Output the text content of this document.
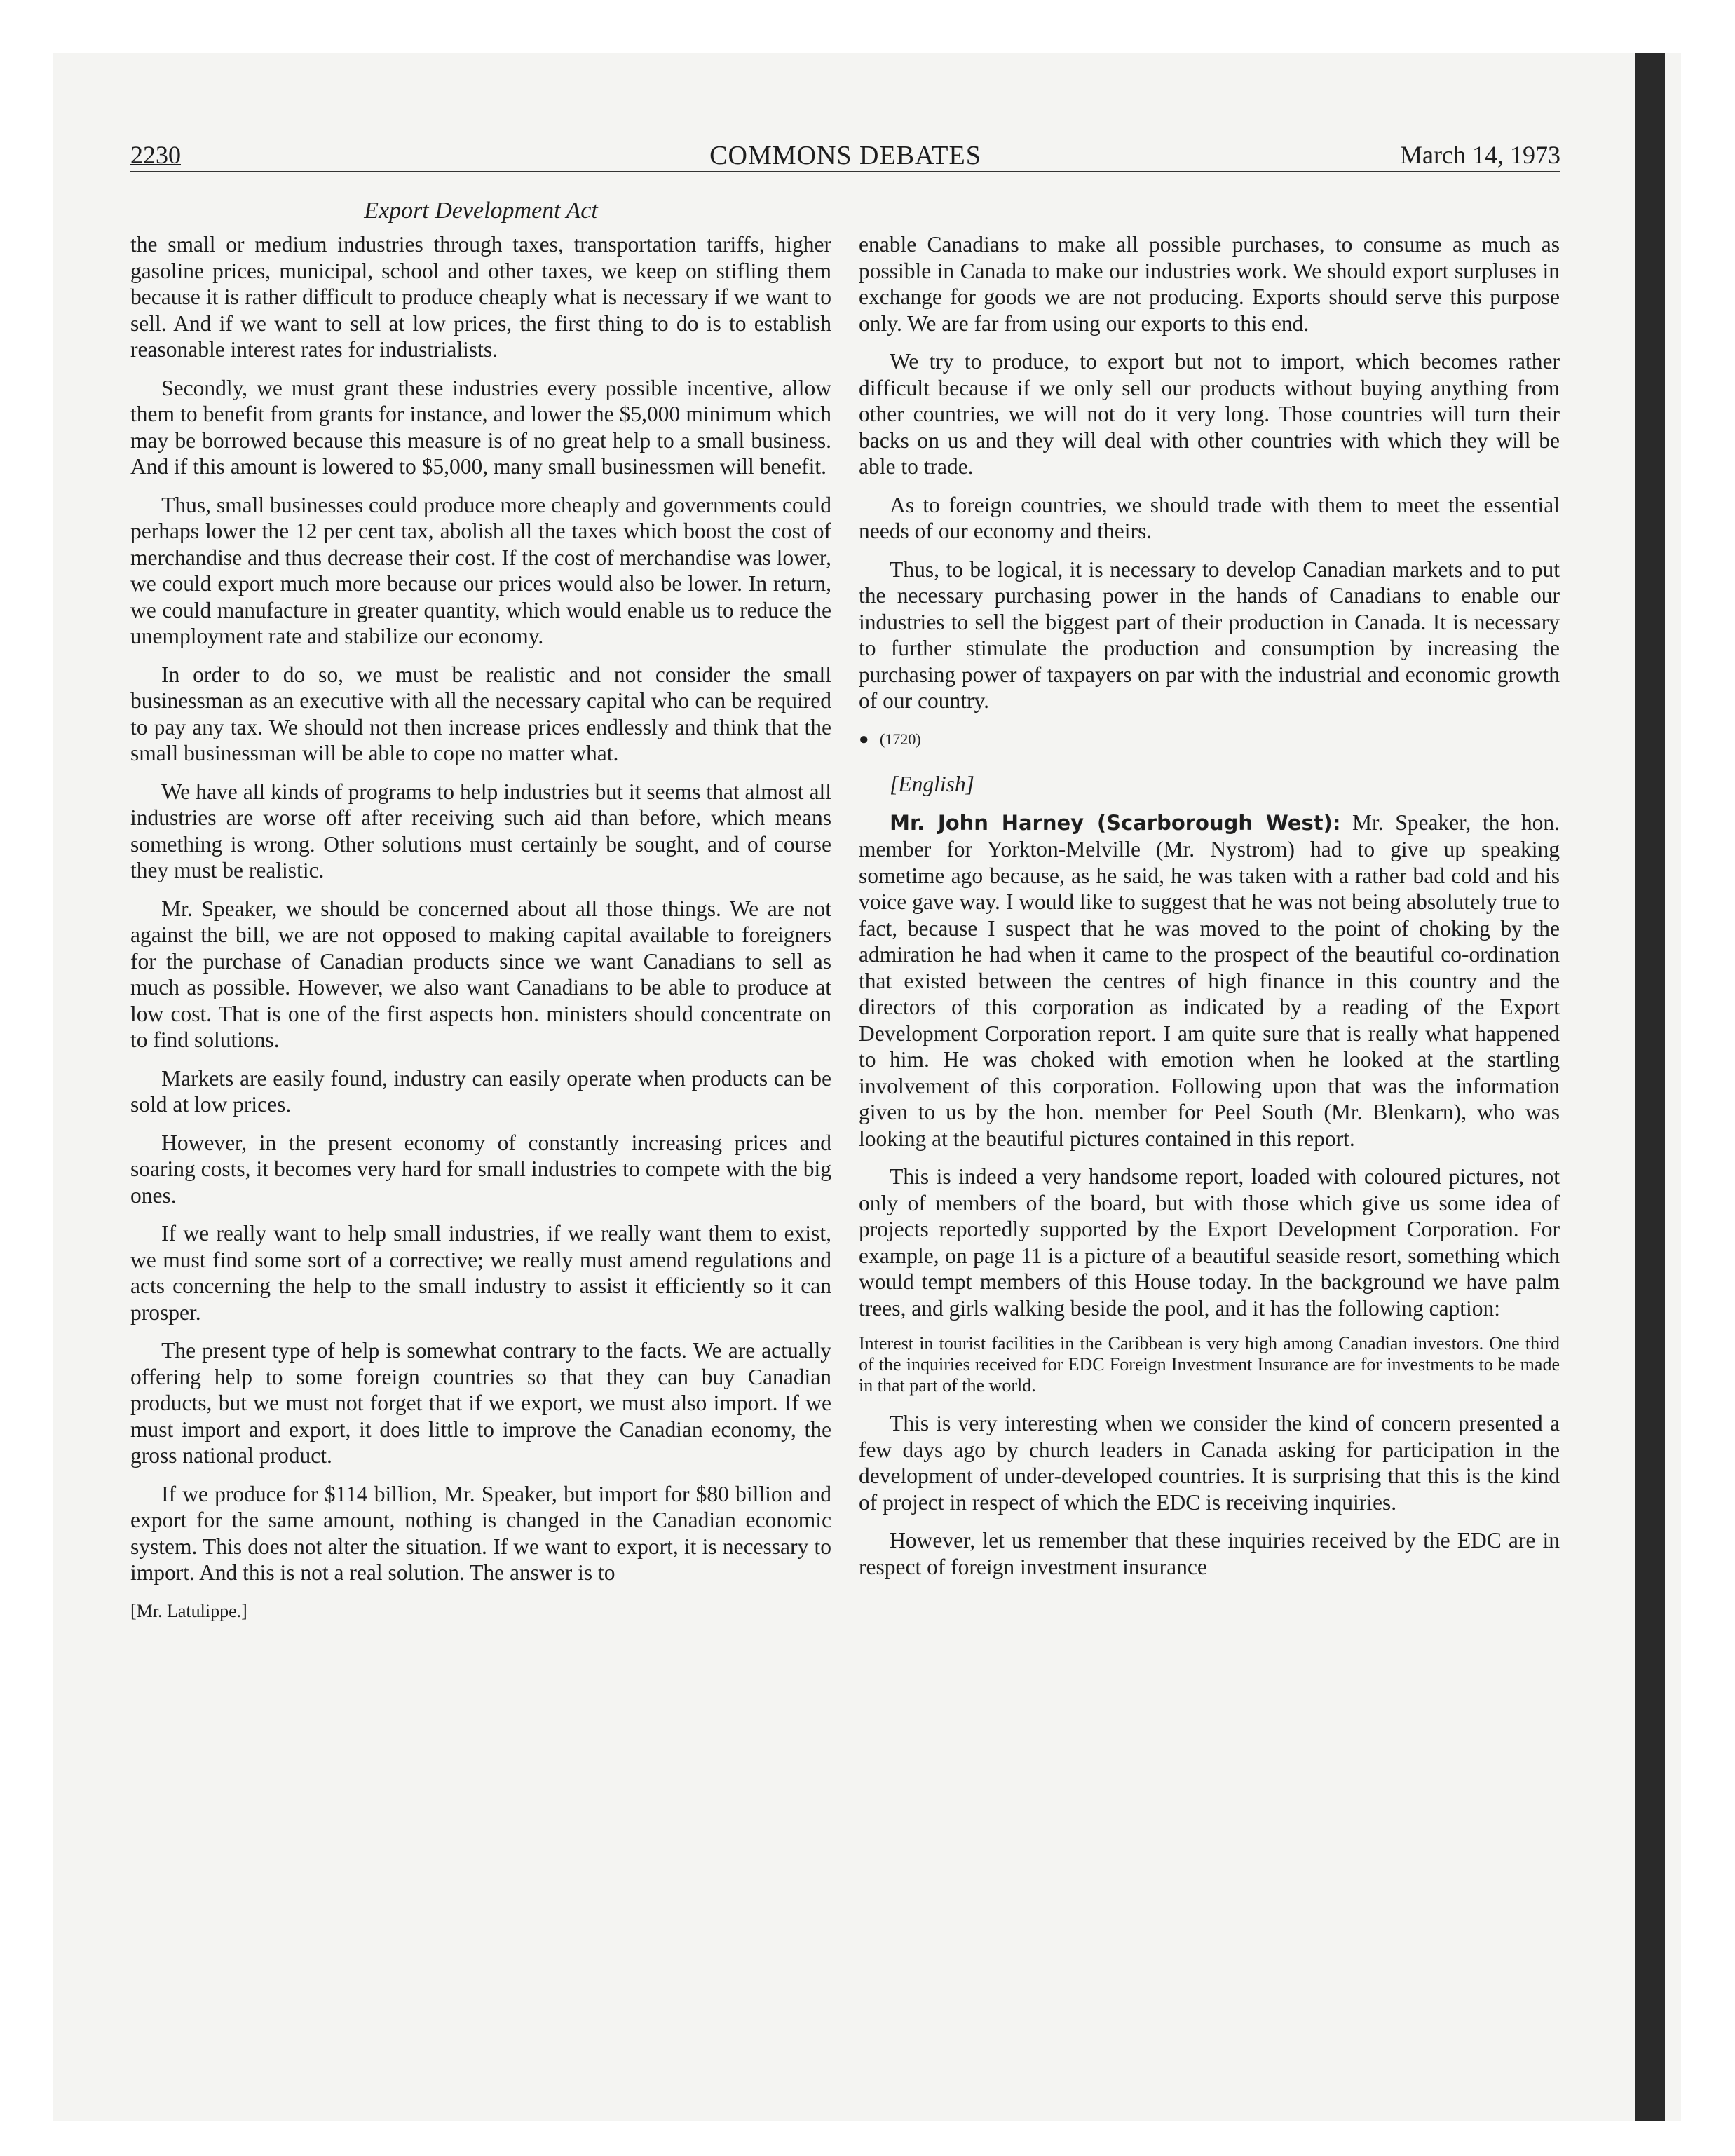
2230	COMMONS DEBATES	March 14, 1973
Export Development Act

the small or medium industries through taxes, transportation tariffs, higher gasoline prices, municipal, school and other taxes, we keep on stifling them because it is rather difficult to produce cheaply what is necessary if we want to sell. And if we want to sell at low prices, the first thing to do is to establish reasonable interest rates for industrialists.

Secondly, we must grant these industries every possible incentive, allow them to benefit from grants for instance, and lower the $5,000 minimum which may be borrowed because this measure is of no great help to a small business. And if this amount is lowered to $5,000, many small businessmen will benefit.

Thus, small businesses could produce more cheaply and governments could perhaps lower the 12 per cent tax, abolish all the taxes which boost the cost of merchandise and thus decrease their cost. If the cost of merchandise was lower, we could export much more because our prices would also be lower. In return, we could manufacture in greater quantity, which would enable us to reduce the unemployment rate and stabilize our economy.

In order to do so, we must be realistic and not consider the small businessman as an executive with all the necessary capital who can be required to pay any tax. We should not then increase prices endlessly and think that the small businessman will be able to cope no matter what.

We have all kinds of programs to help industries but it seems that almost all industries are worse off after receiving such aid than before, which means something is wrong. Other solutions must certainly be sought, and of course they must be realistic.

Mr. Speaker, we should be concerned about all those things. We are not against the bill, we are not opposed to making capital available to foreigners for the purchase of Canadian products since we want Canadians to sell as much as possible. However, we also want Canadians to be able to produce at low cost. That is one of the first aspects hon. ministers should concentrate on to find solutions.

Markets are easily found, industry can easily operate when products can be sold at low prices.

However, in the present economy of constantly increasing prices and soaring costs, it becomes very hard for small industries to compete with the big ones.

If we really want to help small industries, if we really want them to exist, we must find some sort of a corrective; we really must amend regulations and acts concerning the help to the small industry to assist it efficiently so it can prosper.

The present type of help is somewhat contrary to the facts. We are actually offering help to some foreign countries so that they can buy Canadian products, but we must not forget that if we export, we must also import. If we must import and export, it does little to improve the Canadian economy, the gross national product.

If we produce for $114 billion, Mr. Speaker, but import for $80 billion and export for the same amount, nothing is changed in the Canadian economic system. This does not alter the situation. If we want to export, it is necessary to import. And this is not a real solution. The answer is to

[Mr. Latulippe.]

enable Canadians to make all possible purchases, to consume as much as possible in Canada to make our industries work. We should export surpluses in exchange for goods we are not producing. Exports should serve this purpose only. We are far from using our exports to this end.

We try to produce, to export but not to import, which becomes rather difficult because if we only sell our products without buying anything from other countries, we will not do it very long. Those countries will turn their backs on us and they will deal with other countries with which they will be able to trade.

As to foreign countries, we should trade with them to meet the essential needs of our economy and theirs.

Thus, to be logical, it is necessary to develop Canadian markets and to put the necessary purchasing power in the hands of Canadians to enable our industries to sell the biggest part of their production in Canada. It is necessary to further stimulate the production and consumption by increasing the purchasing power of taxpayers on par with the industrial and economic growth of our country.

● (1720)

[English]

Mr. John Harney (Scarborough West): Mr. Speaker, the hon. member for Yorkton-Melville (Mr. Nystrom) had to give up speaking sometime ago because, as he said, he was taken with a rather bad cold and his voice gave way. I would like to suggest that he was not being absolutely true to fact, because I suspect that he was moved to the point of choking by the admiration he had when it came to the prospect of the beautiful co-ordination that existed between the centres of high finance in this country and the directors of this corporation as indicated by a reading of the Export Development Corporation report. I am quite sure that is really what happened to him. He was choked with emotion when he looked at the startling involvement of this corporation. Following upon that was the information given to us by the hon. member for Peel South (Mr. Blenkarn), who was looking at the beautiful pictures contained in this report.

This is indeed a very handsome report, loaded with coloured pictures, not only of members of the board, but with those which give us some idea of projects reportedly supported by the Export Development Corporation. For example, on page 11 is a picture of a beautiful seaside resort, something which would tempt members of this House today. In the background we have palm trees, and girls walking beside the pool, and it has the following caption:

Interest in tourist facilities in the Caribbean is very high among Canadian investors. One third of the inquiries received for EDC Foreign Investment Insurance are for investments to be made in that part of the world.

This is very interesting when we consider the kind of concern presented a few days ago by church leaders in Canada asking for participation in the development of under-developed countries. It is surprising that this is the kind of project in respect of which the EDC is receiving inquiries.

However, let us remember that these inquiries received by the EDC are in respect of foreign investment insurance
